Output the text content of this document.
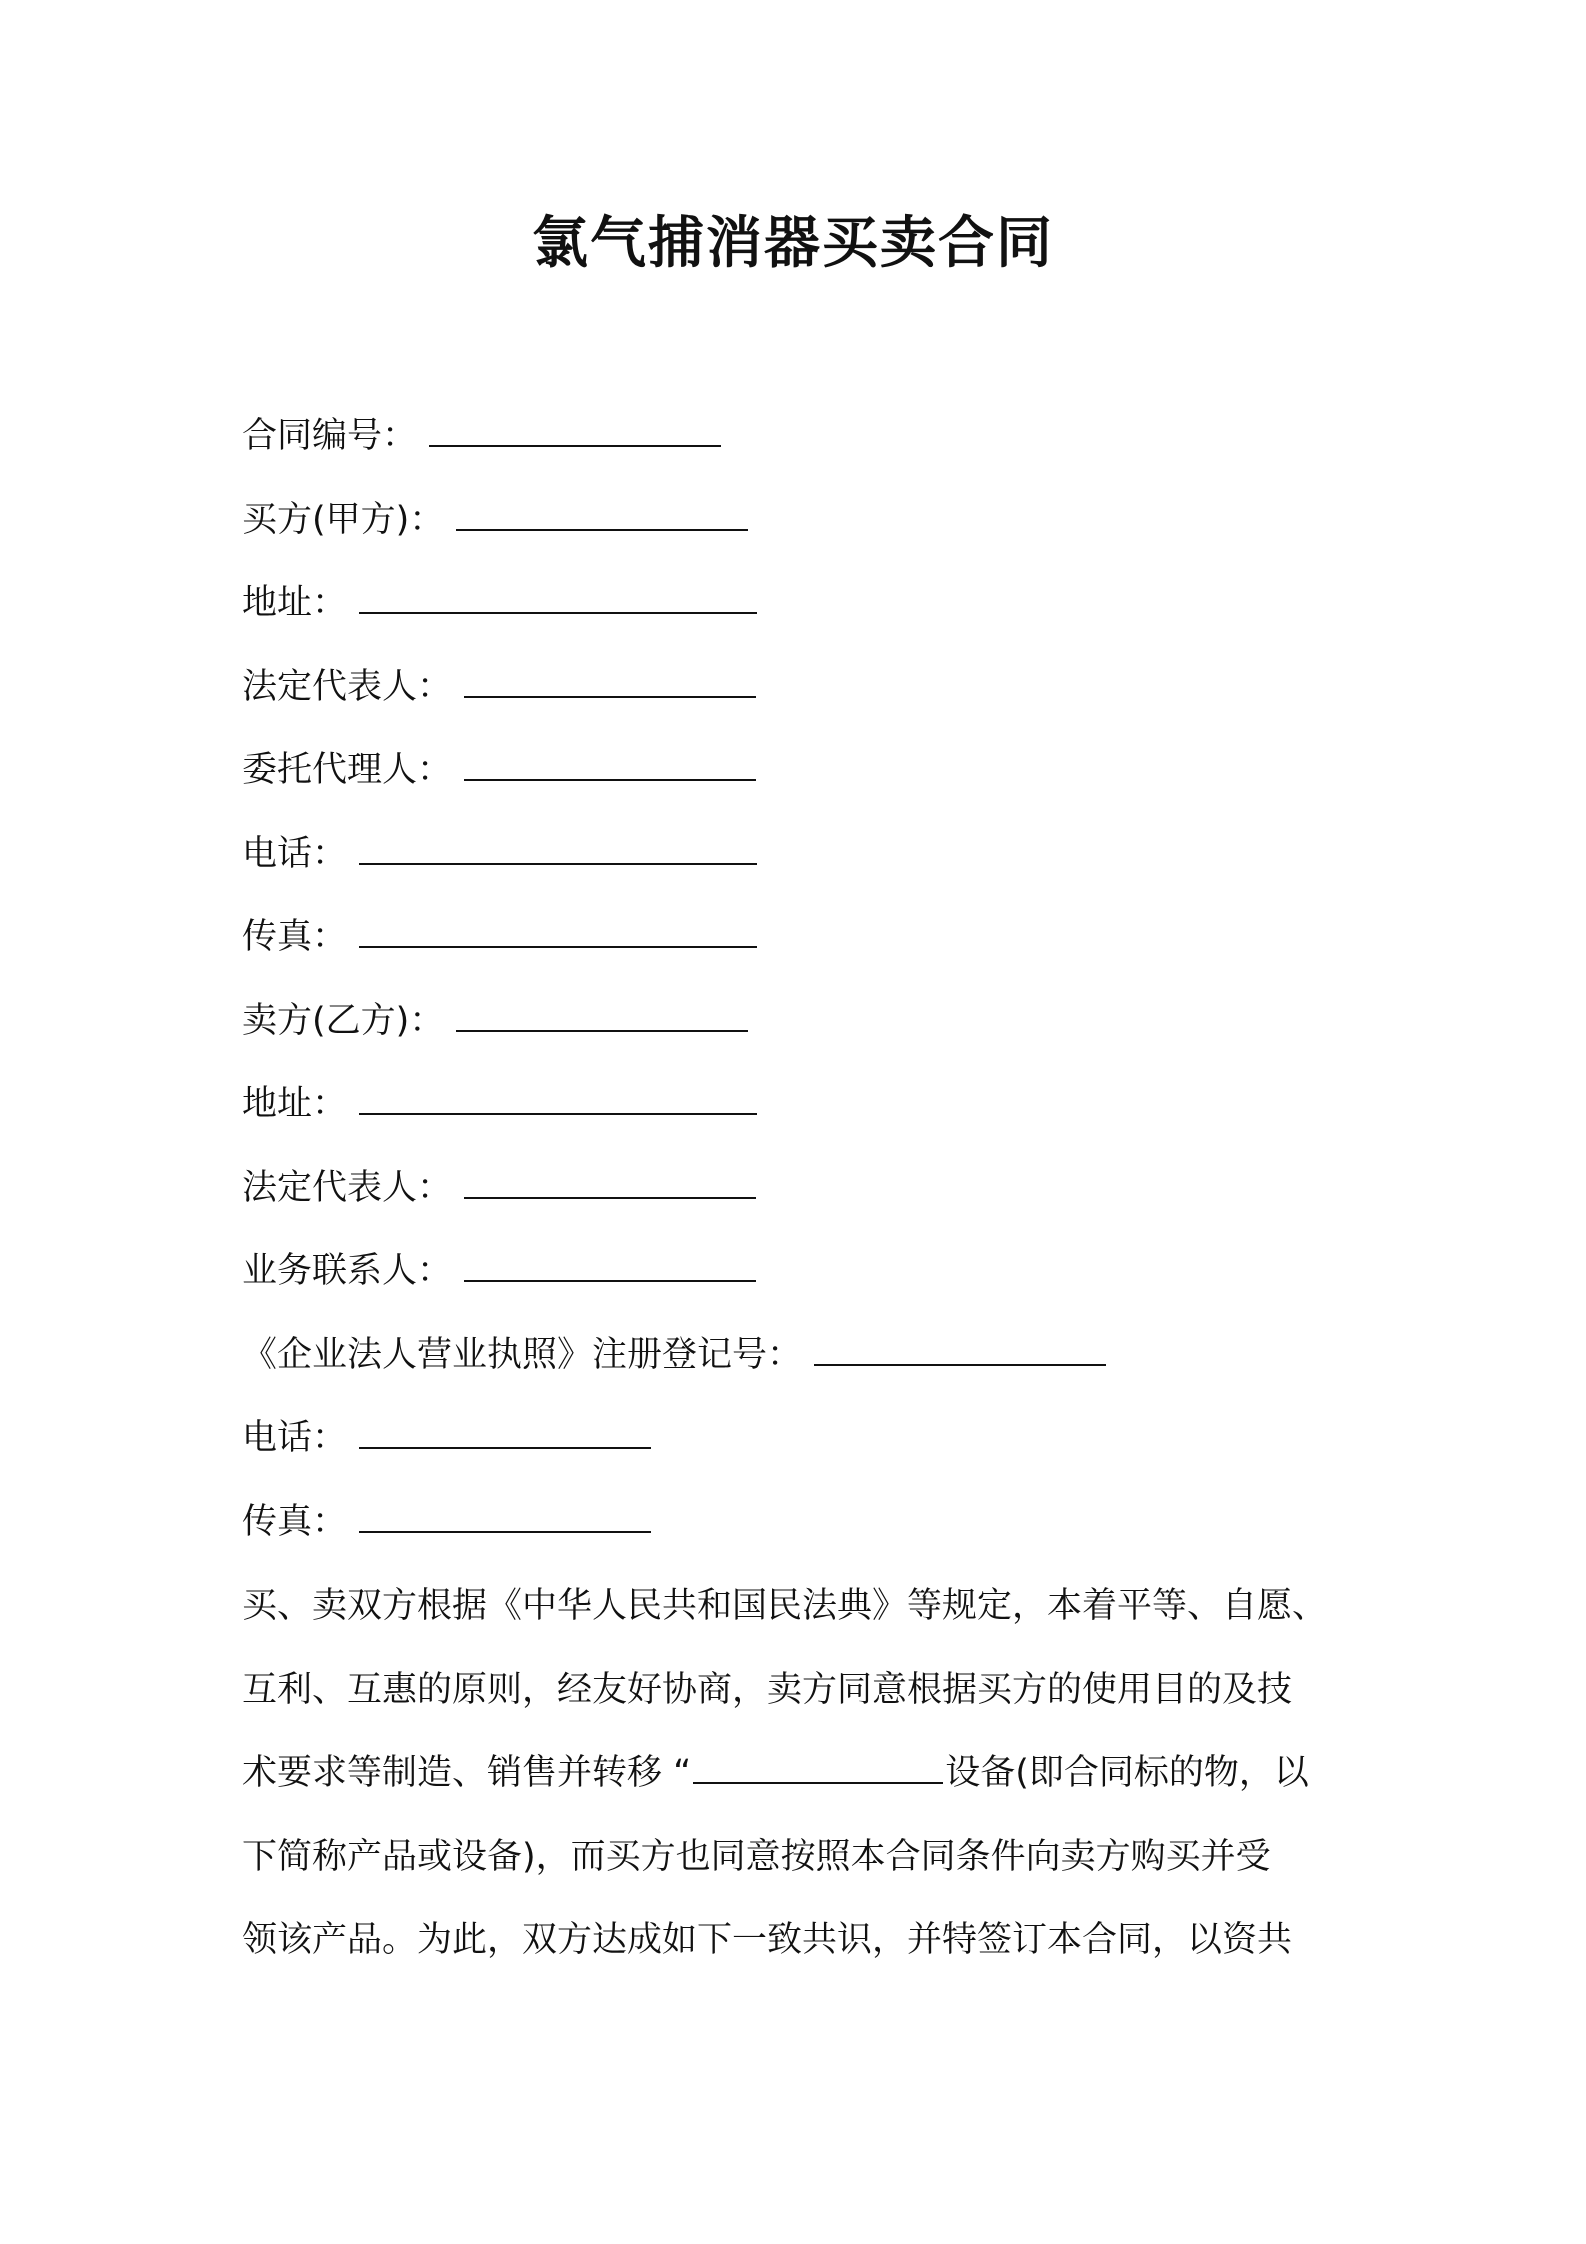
氯气捕消器买卖合同
合同编号：
买方(甲方)：
地址：
法定代表人：
委托代理人：
电话：
传真：
卖方(乙方)：
地址：
法定代表人：
业务联系人：
《企业法人营业执照》注册登记号：
电话：
传真：
买、卖双方根据《中华人民共和国民法典》等规定，本着平等、自愿、
互利、互惠的原则，经友好协商，卖方同意根据买方的使用目的及技
术要求等制造、销售并转移 “	设备(即合同标的物，以
下简称产品或设备)，而买方也同意按照本合同条件向卖方购买并受
领该产品。为此，双方达成如下一致共识，并特签订本合同，以资共
